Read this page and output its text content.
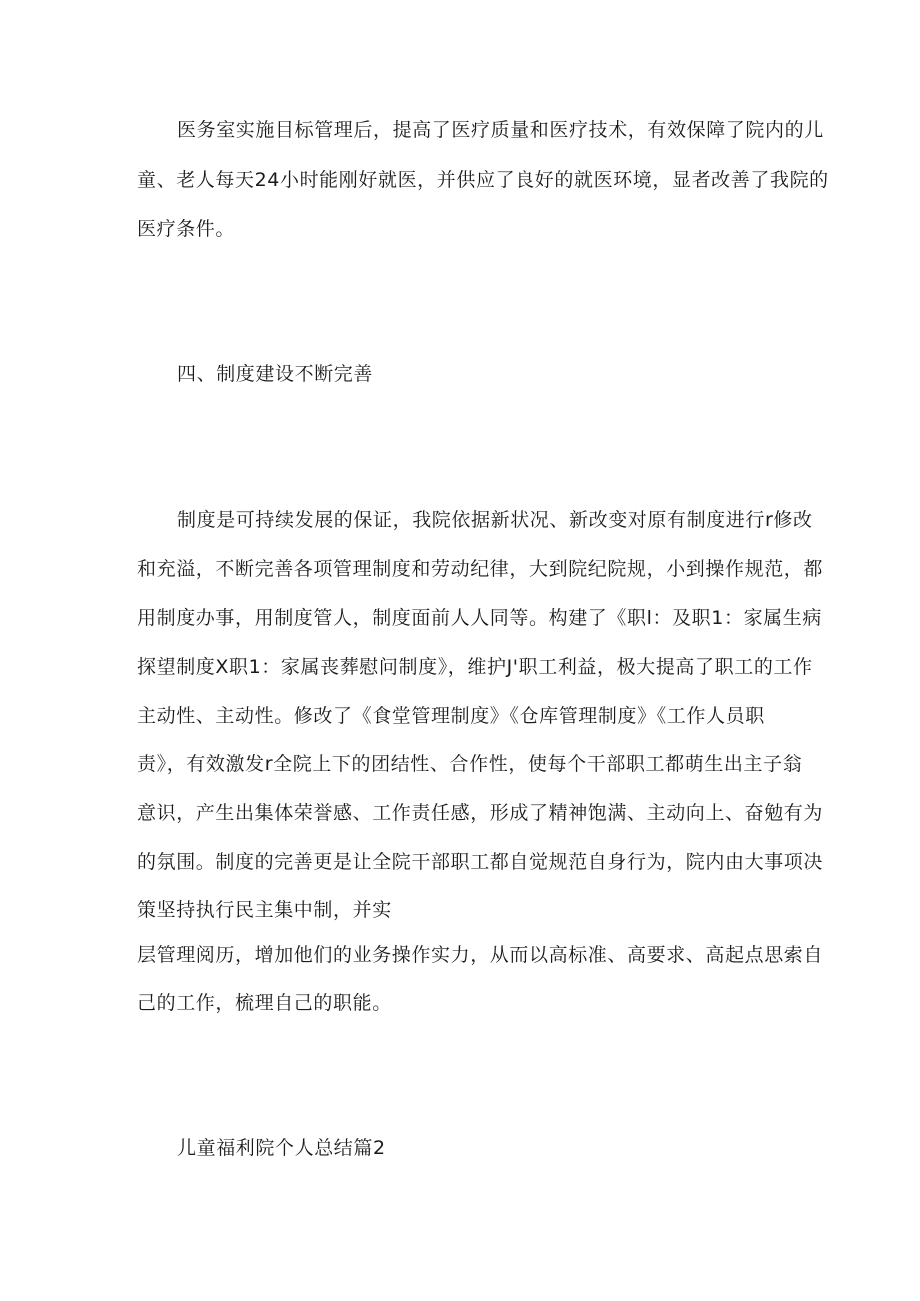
医务室实施目标管理后，提高了医疗质量和医疗技术，有效保障了院内的儿
童、老人每天24小时能刚好就医，并供应了良好的就医环境，显者改善了我院的
医疗条件。
四、制度建设不断完善
制度是可持续发展的保证，我院依据新状况、新改变对原有制度进行r修改
和充溢，不断完善各项管理制度和劳动纪律，大到院纪院规，小到操作规范，都
用制度办事，用制度管人，制度面前人人同等。构建了《职l：及职1：家属生病
探望制度X职1：家属丧葬慰问制度》，维护J'职工利益，极大提高了职工的工作
主动性、主动性。修改了《食堂管理制度》《仓库管理制度》《工作人员职
责》，有效激发r全院上下的团结性、合作性，使每个干部职工都萌生出主子翁
意识，产生出集体荣誉感、工作责任感，形成了精神饱满、主动向上、奋勉有为
的氛围。制度的完善更是让全院干部职工都自觉规范自身行为，院内由大事项决
策坚持执行民主集中制，并实
层管理阅历，增加他们的业务操作实力，从而以高标准、高要求、高起点思索自
己的工作，梳理自己的职能。
儿童福利院个人总结篇2
